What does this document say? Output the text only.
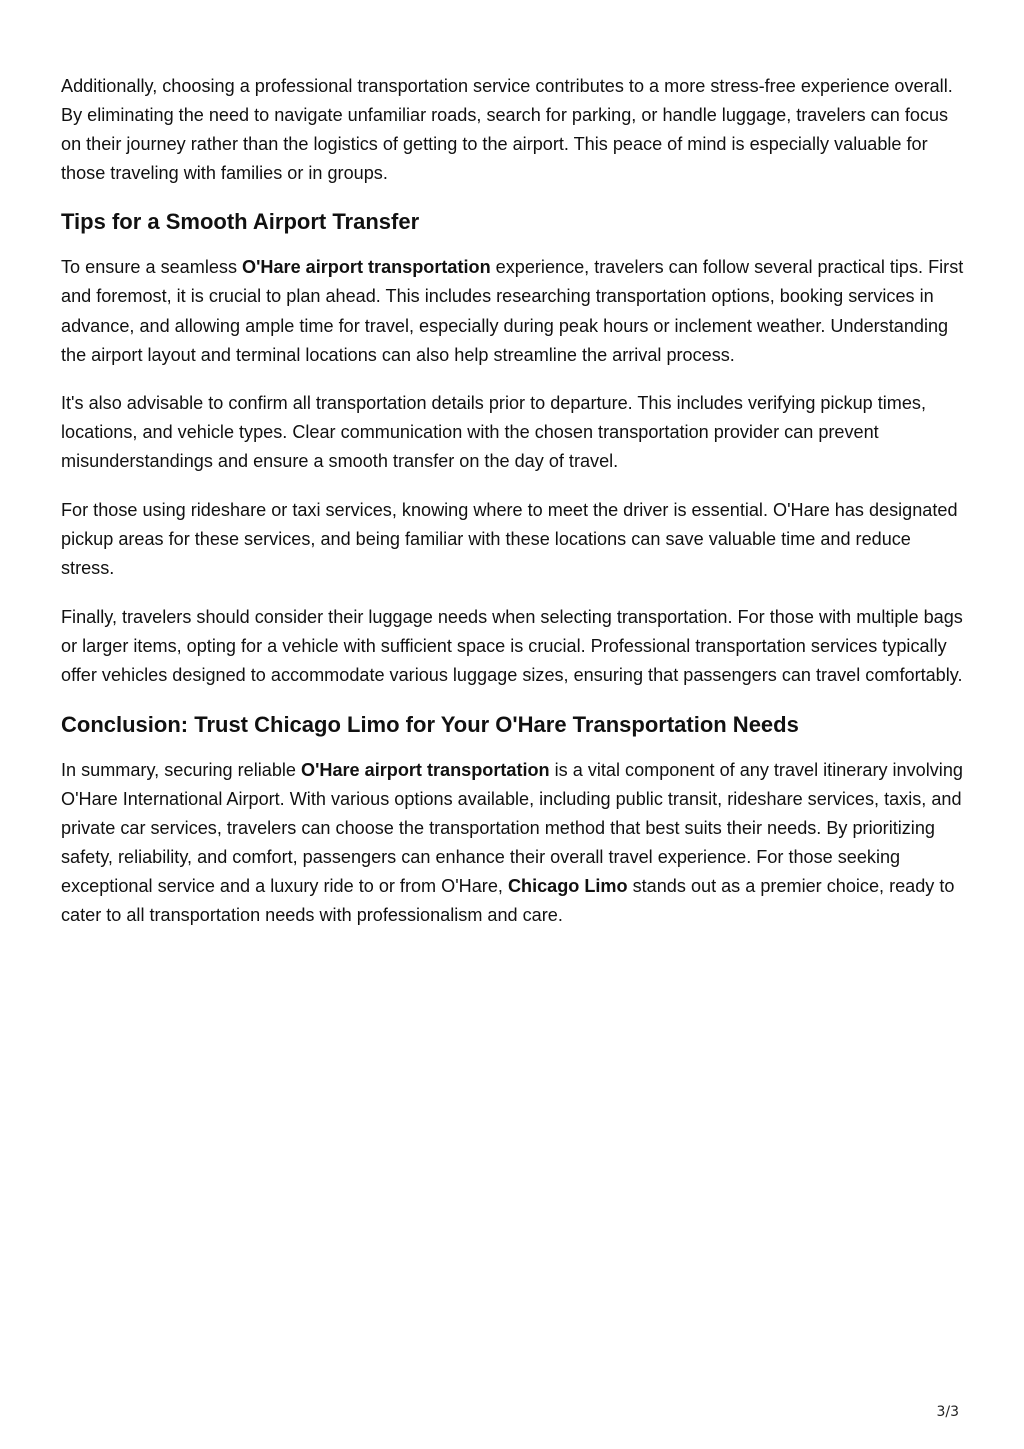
Additionally, choosing a professional transportation service contributes to a more stress-free experience overall. By eliminating the need to navigate unfamiliar roads, search for parking, or handle luggage, travelers can focus on their journey rather than the logistics of getting to the airport. This peace of mind is especially valuable for those traveling with families or in groups.

Tips for a Smooth Airport Transfer

To ensure a seamless O'Hare airport transportation experience, travelers can follow several practical tips. First and foremost, it is crucial to plan ahead. This includes researching transportation options, booking services in advance, and allowing ample time for travel, especially during peak hours or inclement weather. Understanding the airport layout and terminal locations can also help streamline the arrival process.

It's also advisable to confirm all transportation details prior to departure. This includes verifying pickup times, locations, and vehicle types. Clear communication with the chosen transportation provider can prevent misunderstandings and ensure a smooth transfer on the day of travel.

For those using rideshare or taxi services, knowing where to meet the driver is essential. O'Hare has designated pickup areas for these services, and being familiar with these locations can save valuable time and reduce stress.

Finally, travelers should consider their luggage needs when selecting transportation. For those with multiple bags or larger items, opting for a vehicle with sufficient space is crucial. Professional transportation services typically offer vehicles designed to accommodate various luggage sizes, ensuring that passengers can travel comfortably.

Conclusion: Trust Chicago Limo for Your O'Hare Transportation Needs

In summary, securing reliable O'Hare airport transportation is a vital component of any travel itinerary involving O'Hare International Airport. With various options available, including public transit, rideshare services, taxis, and private car services, travelers can choose the transportation method that best suits their needs. By prioritizing safety, reliability, and comfort, passengers can enhance their overall travel experience. For those seeking exceptional service and a luxury ride to or from O'Hare, Chicago Limo stands out as a premier choice, ready to cater to all transportation needs with professionalism and care.

3/3
